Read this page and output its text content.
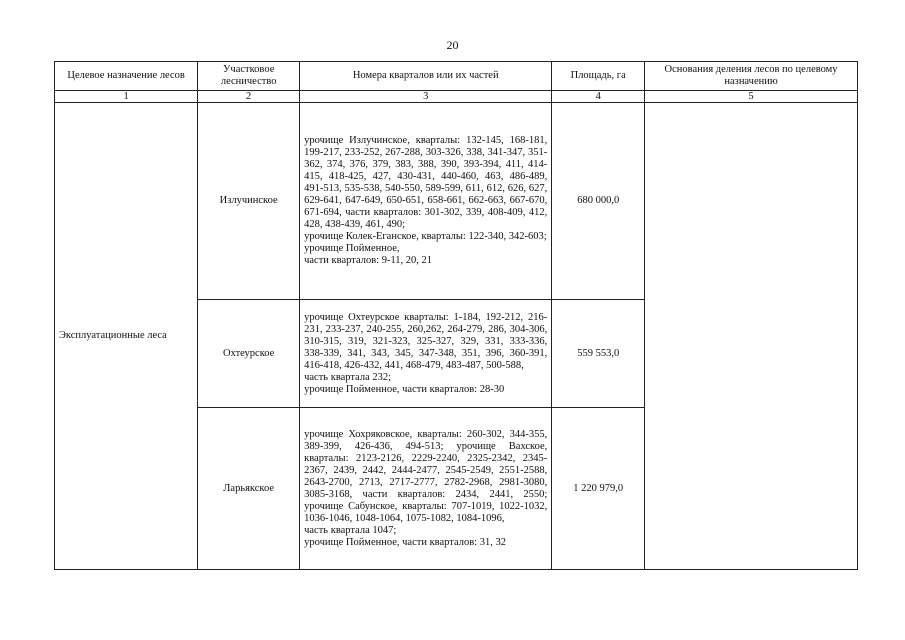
20
Целевое назначение лесов	Участковое лесничество	Номера кварталов или их частей	Площадь, га	Основания деления лесов по целевому назначению
1	2	3	4	5
Эксплуатационные леса	Излучинское	урочище Излучинское, кварталы: 132-145, 168-181, 199-217, 233-252, 267-288, 303-326, 338, 341-347, 351-362, 374, 376, 379, 383, 388, 390, 393-394, 411, 414-415, 418-425, 427, 430-431, 440-460, 463, 486-489, 491-513, 535-538, 540-550, 589-599, 611, 612, 626, 627, 629-641, 647-649, 650-651, 658-661, 662-663, 667-670, 671-694, части кварталов: 301-302, 339, 408-409, 412, 428, 438-439, 461, 490;
урочище Колек-Еганское, кварталы: 122-340, 342-603;
урочище Пойменное,
части кварталов: 9-11, 20, 21	680 000,0	
	Охтеурское	урочище Охтеурское кварталы: 1-184, 192-212, 216-231, 233-237, 240-255, 260,262, 264-279, 286, 304-306, 310-315, 319, 321-323, 325-327, 329, 331, 333-336, 338-339, 341, 343, 345, 347-348, 351, 396, 360-391, 416-418, 426-432, 441, 468-479, 483-487, 500-588,
часть квартала 232;
урочище Пойменное, части кварталов: 28-30	559 553,0	
	Ларьякское	урочище Хохряковское, кварталы: 260-302, 344-355, 389-399, 426-436, 494-513; урочище Вахское, кварталы: 2123-2126, 2229-2240, 2325-2342, 2345-2367, 2439, 2442, 2444-2477, 2545-2549, 2551-2588, 2643-2700, 2713, 2717-2777, 2782-2968, 2981-3080, 3085-3168, части кварталов: 2434, 2441, 2550; урочище Сабунское, кварталы: 707-1019, 1022-1032, 1036-1046, 1048-1064, 1075-1082, 1084-1096,
часть квартала 1047;
урочище Пойменное, части кварталов: 31, 32	1 220 979,0	
